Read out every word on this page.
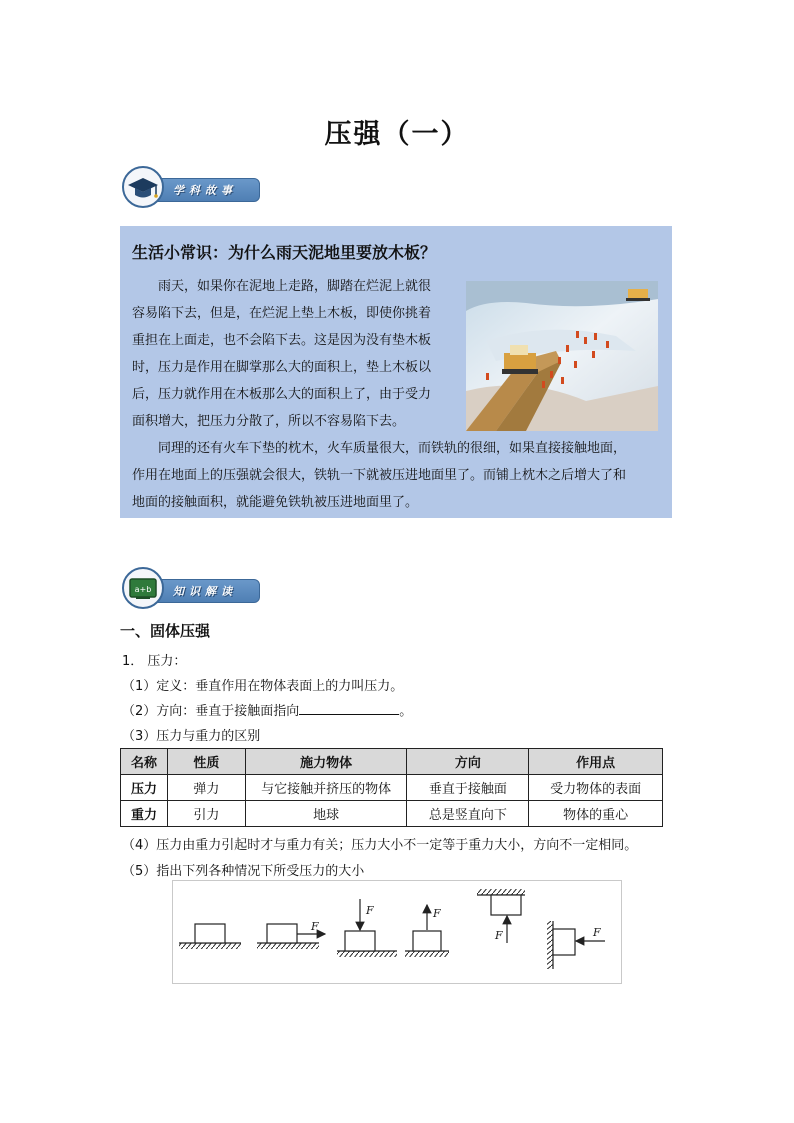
压强（一）
学科故事
生活小常识：为什么雨天泥地里要放木板？
　　雨天，如果你在泥地上走路，脚踏在烂泥上就很
容易陷下去，但是，在烂泥上垫上木板，即使你挑着
重担在上面走，也不会陷下去。这是因为没有垫木板
时，压力是作用在脚掌那么大的面积上，垫上木板以
后，压力就作用在木板那么大的面积上了，由于受力
面积增大，把压力分散了，所以不容易陷下去。
　　同理的还有火车下垫的枕木，火车质量很大，而铁轨的很细，如果直接接触地面，
作用在地面上的压强就会很大，铁轨一下就被压进地面里了。而铺上枕木之后增大了和
地面的接触面积，就能避免铁轨被压进地面里了。
知识解读
a+b
一、固体压强
1． 压力：
（1）定义：垂直作用在物体表面上的力叫压力。
（2）方向：垂直于接触面指向	。
（3）压力与重力的区别
名称	性质	施力物体	方向	作用点
压力	弹力	与它接触并挤压的物体	垂直于接触面	受力物体的表面
重力	引力	地球	总是竖直向下	物体的重心
（4）压力由重力引起时才与重力有关；压力大小不一定等于重力大小，方向不一定相同。
（5）指出下列各种情况下所受压力的大小
F
F	F
F	F
